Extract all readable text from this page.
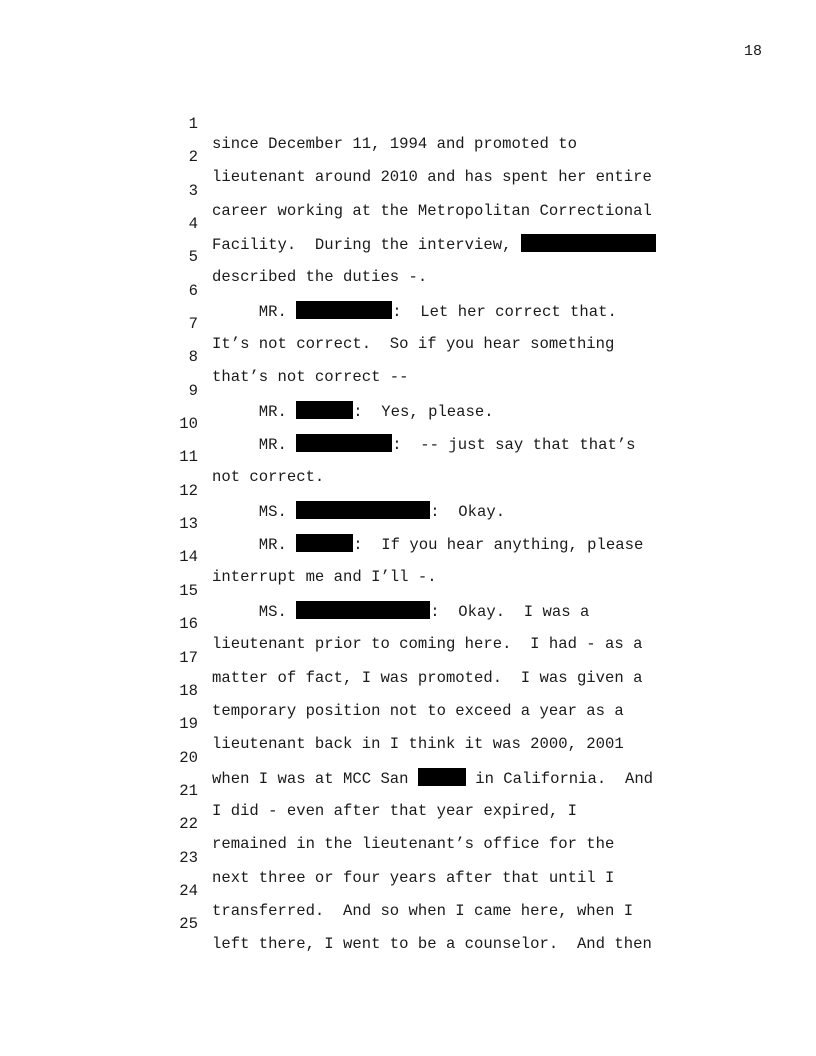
18

1

since December 11, 1994 and promoted to

2

lieutenant around 2010 and has spent her entire

3

career working at the Metropolitan Correctional

4

Facility.  During the interview,

5

described the duties -.

6

MR.	:  Let her correct that.

7

It’s not correct.  So if you hear something

8

that’s not correct --

9

MR.	:  Yes, please.

10

MR.	:  -- just say that that’s

11

not correct.

12

MS.	:  Okay.

13

MR.	:  If you hear anything, please

14

interrupt me and I’ll -.

15

MS.	:  Okay.  I was a

16

lieutenant prior to coming here.  I had - as a

17

matter of fact, I was promoted.  I was given a

18

temporary position not to exceed a year as a

19

lieutenant back in I think it was 2000, 2001

20

when I was at MCC San	in California.  And

21

I did - even after that year expired, I

22

remained in the lieutenant’s office for the

23

next three or four years after that until I

24

transferred.  And so when I came here, when I

25

left there, I went to be a counselor.  And then
